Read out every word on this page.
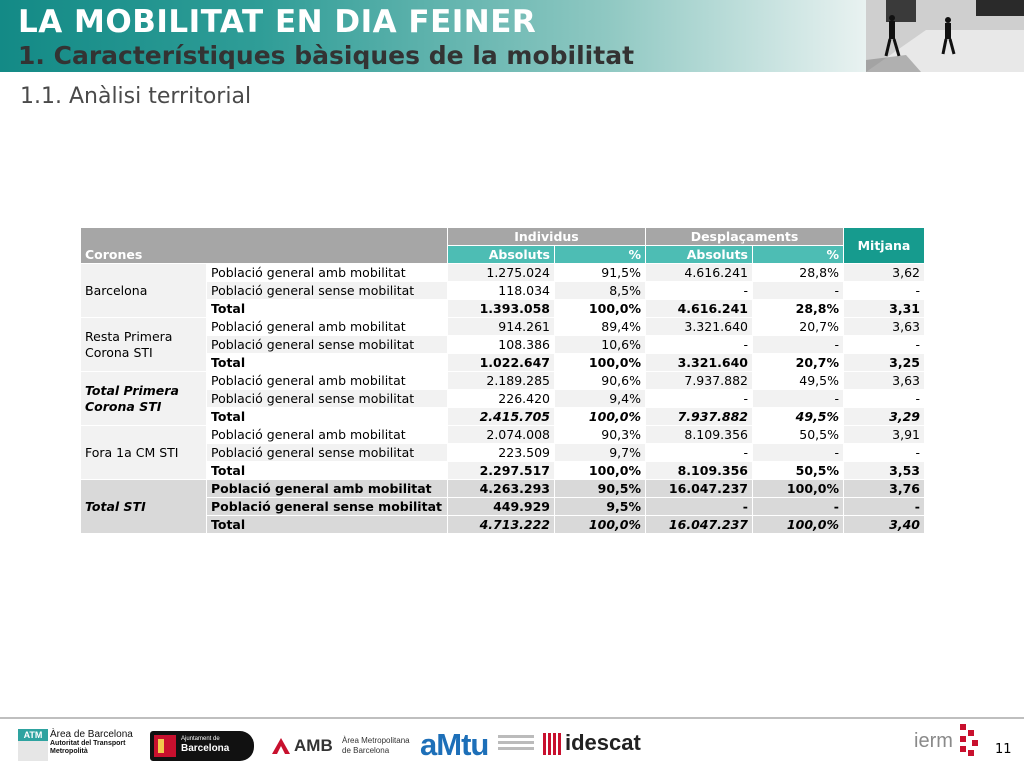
LA MOBILITAT EN DIA FEINER
1. Característiques bàsiques de la mobilitat
1.1. Anàlisi territorial
Corones		Individus		Desplaçaments		Mitjana
		Absoluts	%	Absoluts	%	
Barcelona	Població general amb mobilitat	1.275.024	91,5%	4.616.241	28,8%	3,62
	Població general sense mobilitat	118.034	8,5%	-	-	-
	Total	1.393.058	100,0%	4.616.241	28,8%	3,31
Resta Primera Corona STI	Població general amb mobilitat	914.261	89,4%	3.321.640	20,7%	3,63
	Població general sense mobilitat	108.386	10,6%	-	-	-
	Total	1.022.647	100,0%	3.321.640	20,7%	3,25
Total Primera Corona STI	Població general amb mobilitat	2.189.285	90,6%	7.937.882	49,5%	3,63
	Població general sense mobilitat	226.420	9,4%	-	-	-
	Total	2.415.705	100,0%	7.937.882	49,5%	3,29
Fora 1a CM STI	Població general amb mobilitat	2.074.008	90,3%	8.109.356	50,5%	3,91
	Població general sense mobilitat	223.509	9,7%	-	-	-
	Total	2.297.517	100,0%	8.109.356	50,5%	3,53
Total STI	Població general amb mobilitat	4.263.293	90,5%	16.047.237	100,0%	3,76
	Població general sense mobilitat	449.929	9,5%	-	-	-
	Total	4.713.222	100,0%	16.047.237	100,0%	3,40
ATM Àrea de Barcelona
Autoritat del Transport
Metropolità
Ajuntament de
Barcelona	AMB Àrea Metropolitana
de Barcelona aMtu	idescat	ierm	11
